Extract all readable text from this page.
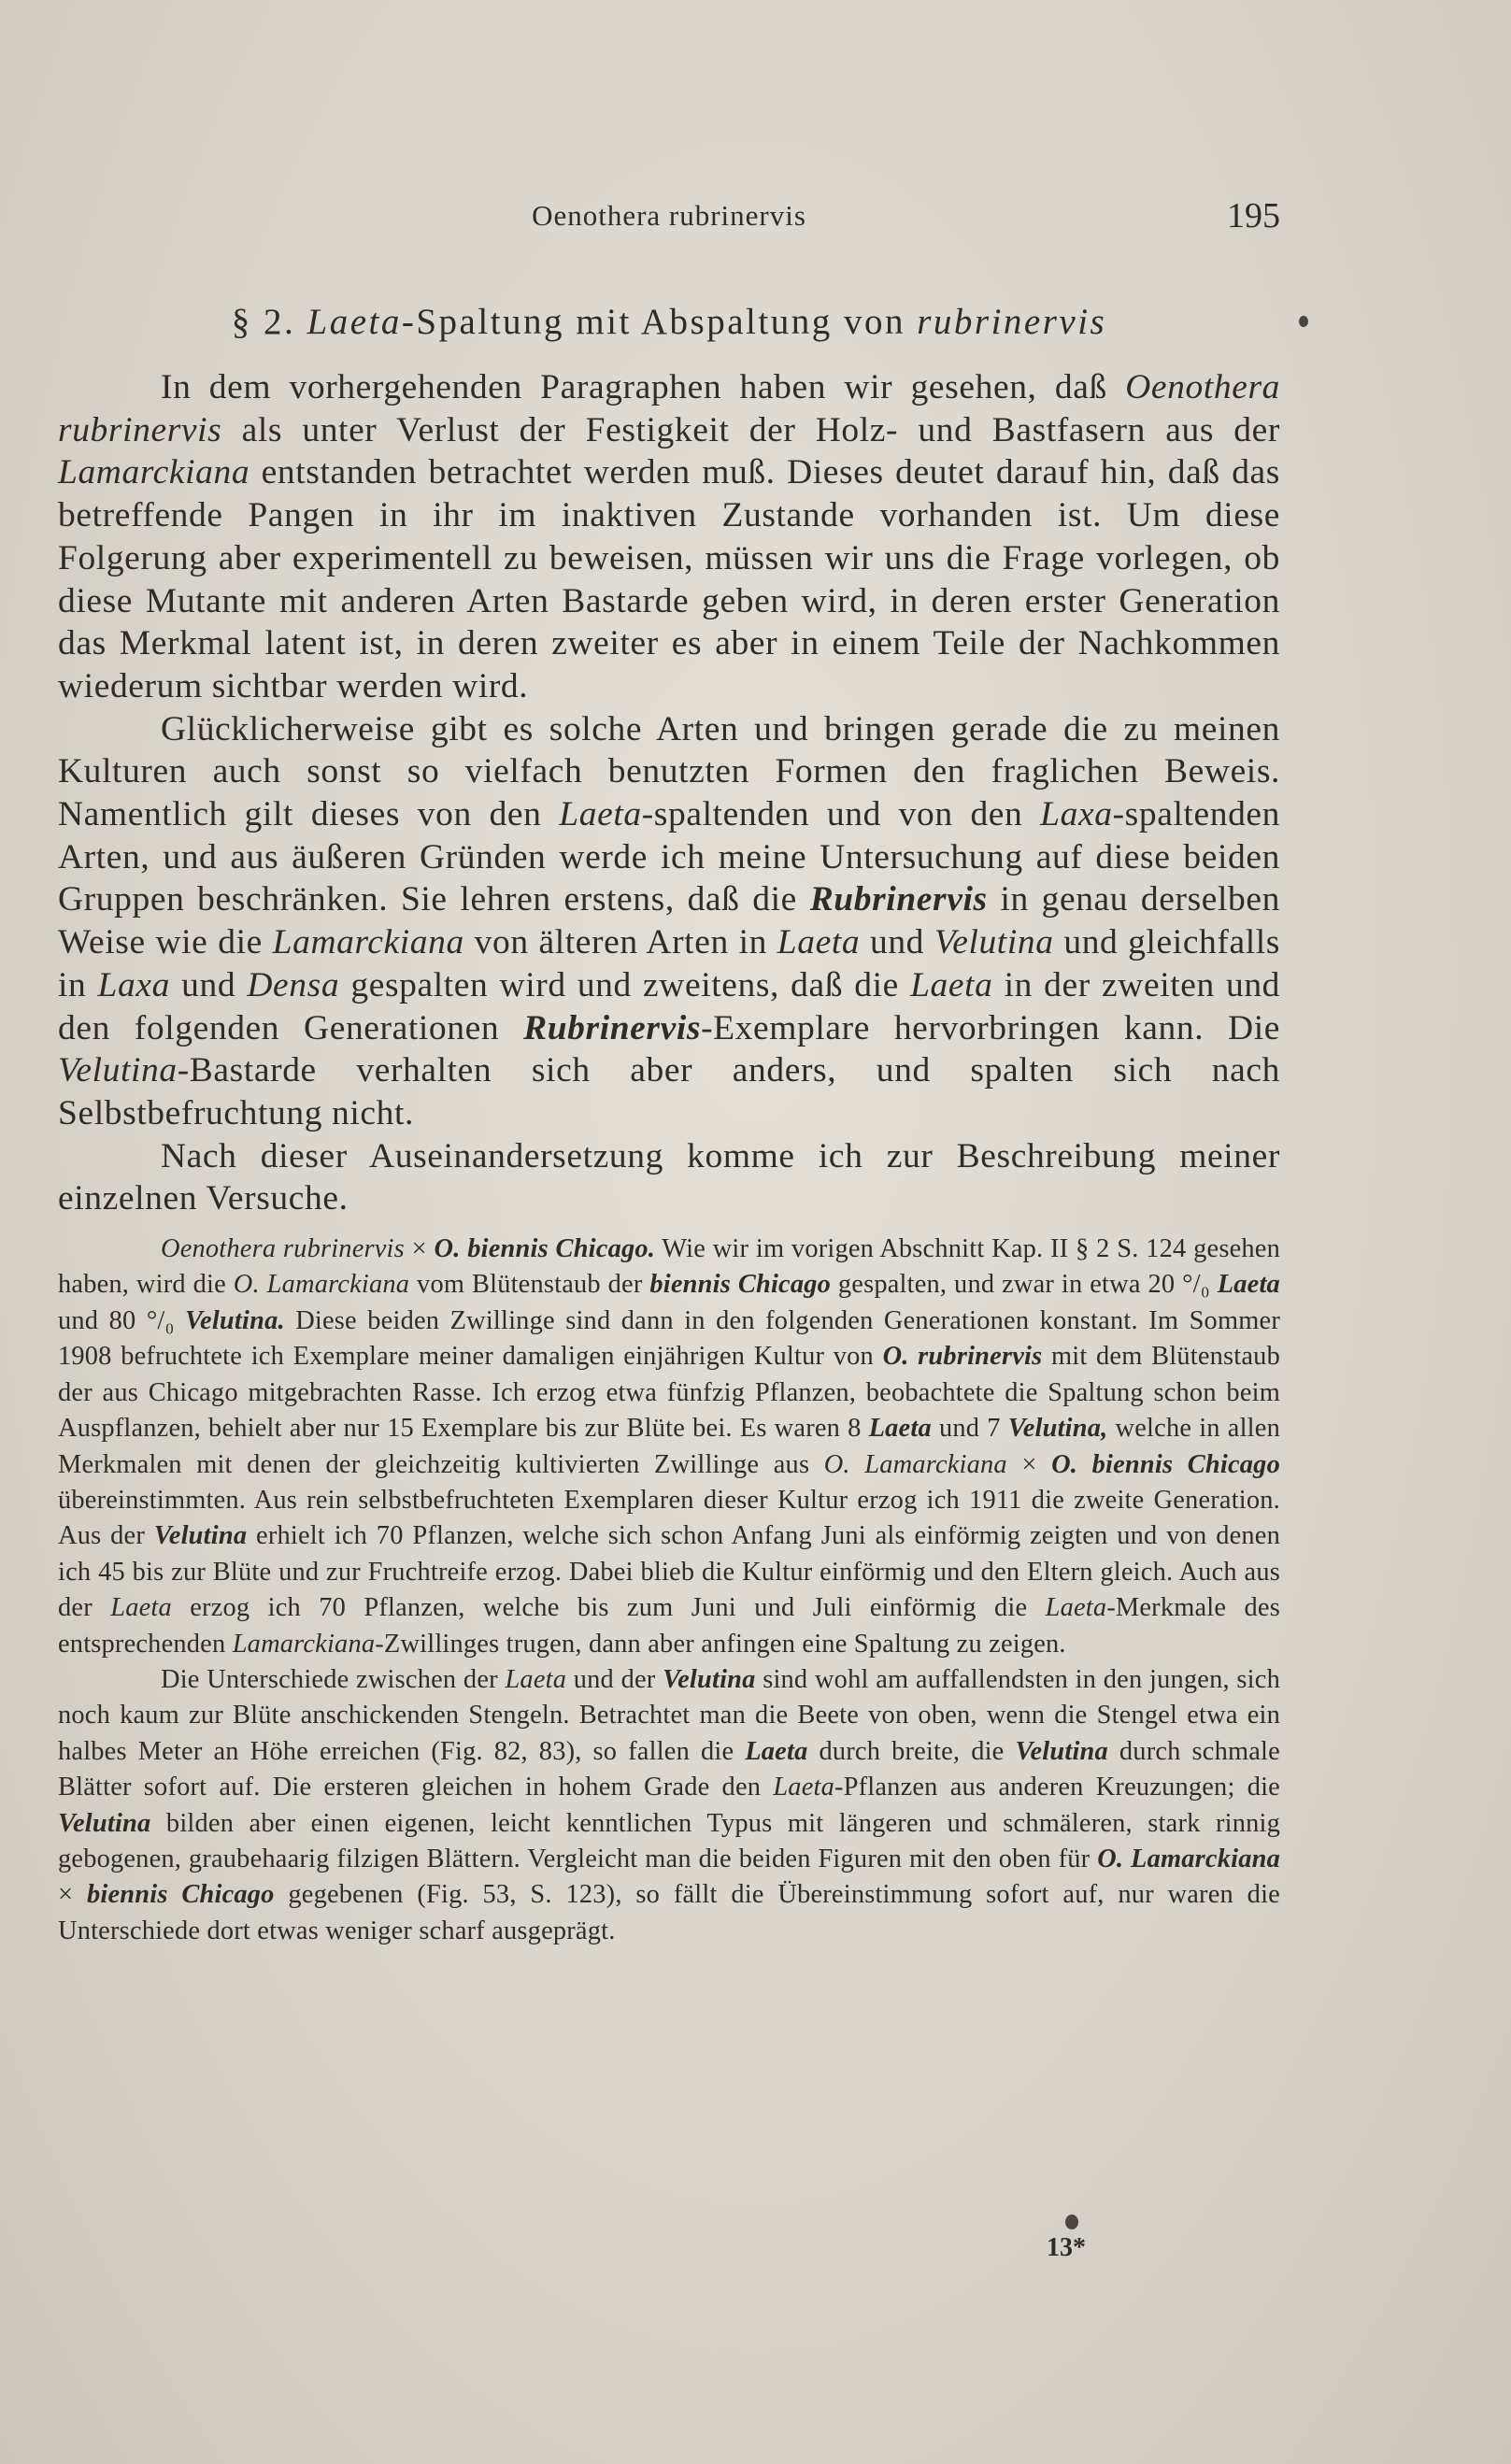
Oenothera rubrinervis	195
§ 2. Laeta-Spaltung mit Abspaltung von rubrinervis

In dem vorhergehenden Paragraphen haben wir gesehen, daß Oenothera rubrinervis als unter Verlust der Festigkeit der Holz- und Bastfasern aus der Lamarckiana entstanden betrachtet werden muß. Dieses deutet darauf hin, daß das betreffende Pangen in ihr im inaktiven Zustande vorhanden ist. Um diese Folgerung aber experimentell zu beweisen, müssen wir uns die Frage vorlegen, ob diese Mutante mit anderen Arten Bastarde geben wird, in deren erster Generation das Merkmal latent ist, in deren zweiter es aber in einem Teile der Nachkommen wiederum sichtbar werden wird.

Glücklicherweise gibt es solche Arten und bringen gerade die zu meinen Kulturen auch sonst so vielfach benutzten Formen den fraglichen Beweis. Namentlich gilt dieses von den Laeta-spaltenden und von den Laxa-spaltenden Arten, und aus äußeren Gründen werde ich meine Untersuchung auf diese beiden Gruppen beschränken. Sie lehren erstens, daß die Rubrinervis in genau derselben Weise wie die Lamarckiana von älteren Arten in Laeta und Velutina und gleichfalls in Laxa und Densa gespalten wird und zweitens, daß die Laeta in der zweiten und den folgenden Generationen Rubrinervis-Exemplare hervorbringen kann. Die Velutina-Bastarde verhalten sich aber anders, und spalten sich nach Selbstbefruchtung nicht.

Nach dieser Auseinandersetzung komme ich zur Beschreibung meiner einzelnen Versuche.

Oenothera rubrinervis × O. biennis Chicago. Wie wir im vorigen Abschnitt Kap. II § 2 S. 124 gesehen haben, wird die O. Lamarckiana vom Blütenstaub der biennis Chicago gespalten, und zwar in etwa 20 °/₀ Laeta und 80 °/₀ Velutina. Diese beiden Zwillinge sind dann in den folgenden Generationen konstant. Im Sommer 1908 befruchtete ich Exemplare meiner damaligen einjährigen Kultur von O. rubrinervis mit dem Blütenstaub der aus Chicago mitgebrachten Rasse. Ich erzog etwa fünfzig Pflanzen, beobachtete die Spaltung schon beim Auspflanzen, behielt aber nur 15 Exemplare bis zur Blüte bei. Es waren 8 Laeta und 7 Velutina, welche in allen Merkmalen mit denen der gleichzeitig kultivierten Zwillinge aus O. Lamarckiana × O. biennis Chicago übereinstimmten. Aus rein selbstbefruchteten Exemplaren dieser Kultur erzog ich 1911 die zweite Generation. Aus der Velutina erhielt ich 70 Pflanzen, welche sich schon Anfang Juni als einförmig zeigten und von denen ich 45 bis zur Blüte und zur Fruchtreife erzog. Dabei blieb die Kultur einförmig und den Eltern gleich. Auch aus der Laeta erzog ich 70 Pflanzen, welche bis zum Juni und Juli einförmig die Laeta-Merkmale des entsprechenden Lamarckiana-Zwillinges trugen, dann aber anfingen eine Spaltung zu zeigen.

Die Unterschiede zwischen der Laeta und der Velutina sind wohl am auffallendsten in den jungen, sich noch kaum zur Blüte anschickenden Stengeln. Betrachtet man die Beete von oben, wenn die Stengel etwa ein halbes Meter an Höhe erreichen (Fig. 82, 83), so fallen die Laeta durch breite, die Velutina durch schmale Blätter sofort auf. Die ersteren gleichen in hohem Grade den Laeta-Pflanzen aus anderen Kreuzungen; die Velutina bilden aber einen eigenen, leicht kenntlichen Typus mit längeren und schmäleren, stark rinnig gebogenen, graubehaarig filzigen Blättern. Vergleicht man die beiden Figuren mit den oben für O. Lamarckiana × biennis Chicago gegebenen (Fig. 53, S. 123), so fällt die Übereinstimmung sofort auf, nur waren die Unterschiede dort etwas weniger scharf ausgeprägt.

13*
